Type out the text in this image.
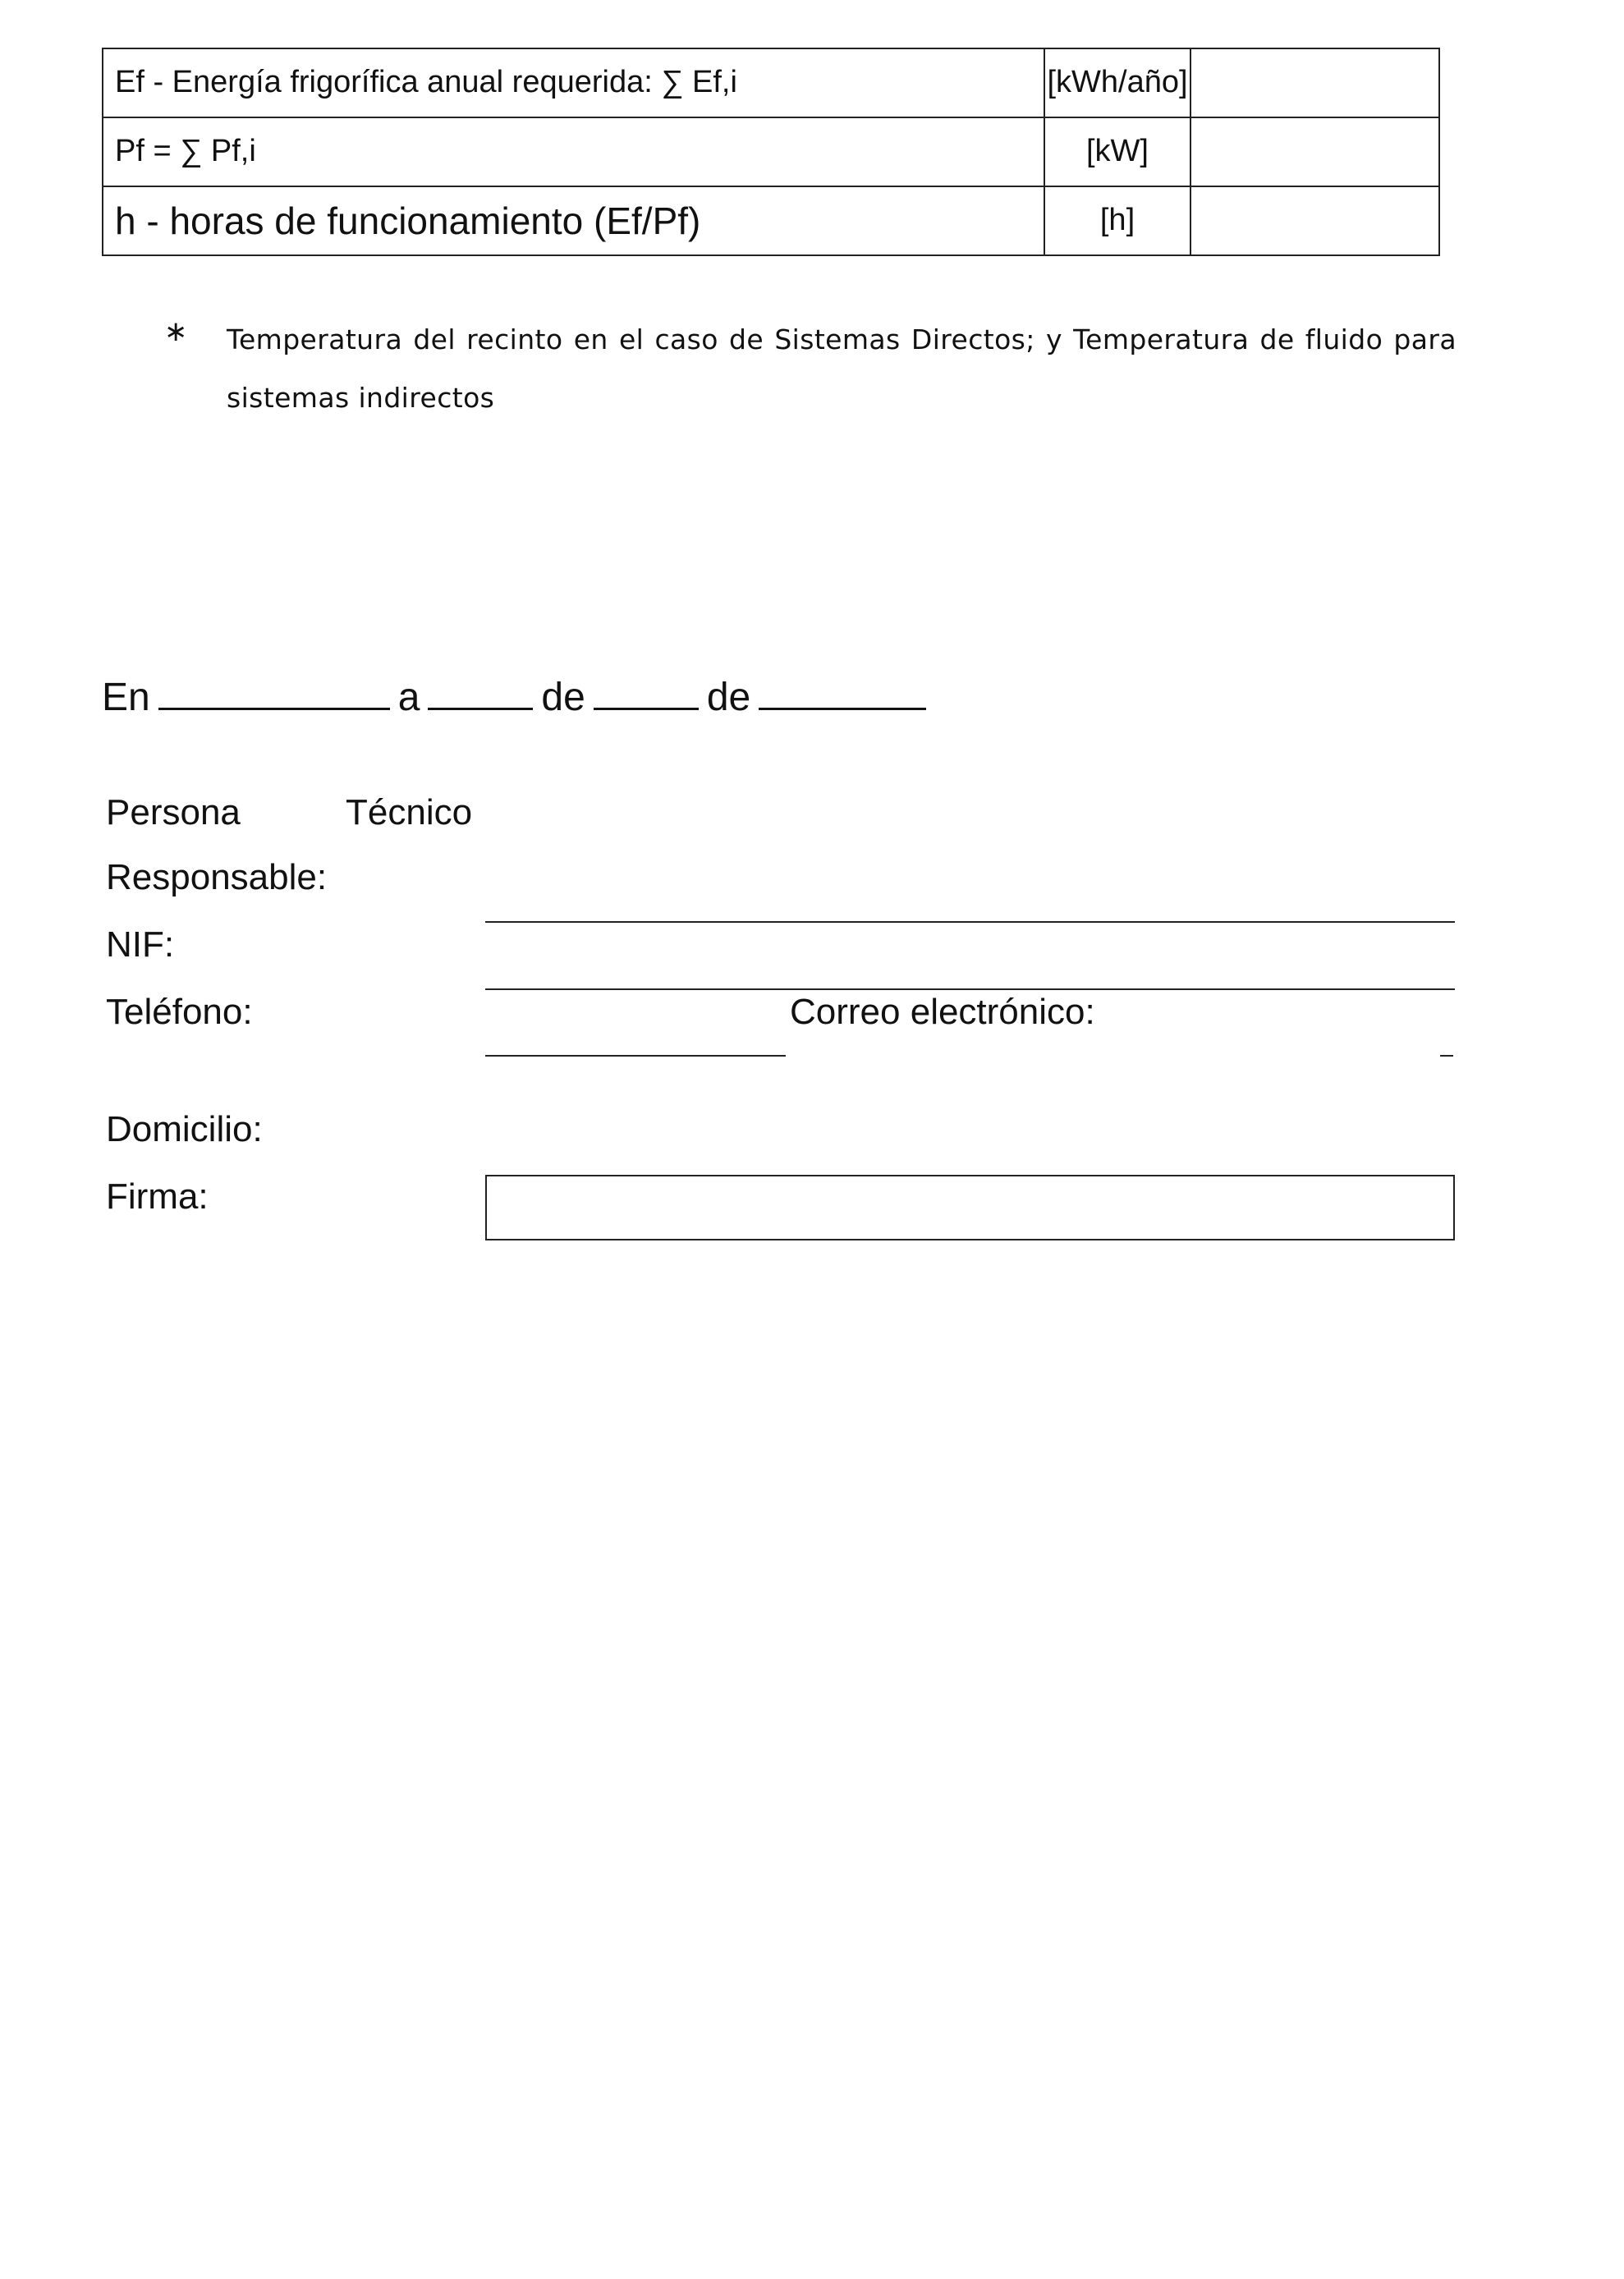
Ef - Energía frigorífica anual requerida: ∑ Ef,i	[kWh/año]	
Pf = ∑ Pf,i	[kW]	
h - horas de funcionamiento (Ef/Pf)	[h]	
∗ Temperatura del recinto en el caso de Sistemas Directos; y Temperatura de fluido para sistemas indirectos
En	a	de	de
Persona	Técnico
Responsable:
NIF:
Teléfono:	Correo electrónico:
Domicilio:
Firma:
